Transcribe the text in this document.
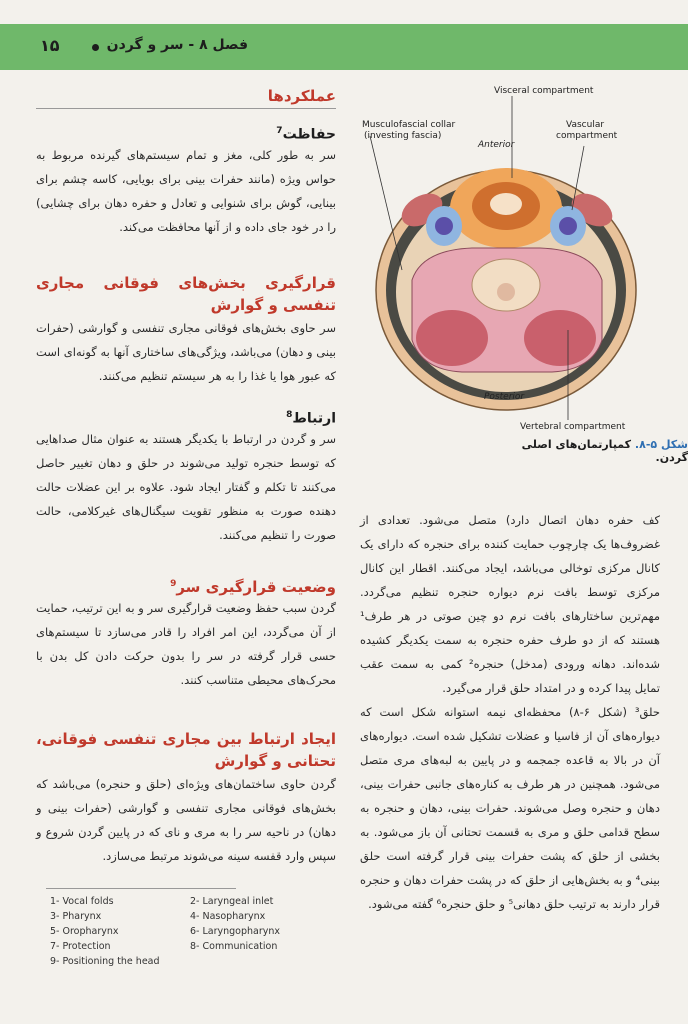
فصل ۸ - سر و گردن
۱۵
عملکردها
حفاظت$^7$
سر به طور کلی، مغز و تمام سیستم‌های گیرنده مربوط به حواس ویژه (مانند حفرات بینی برای بویایی، کاسه چشم برای بینایی، گوش برای شنوایی و تعادل و حفره دهان برای چشایی) را در خود جای داده و از آنها محافظت می‌کند.
قرارگیری بخش‌های فوقانی مجاری تنفسی و گوارش
سر حاوی بخش‌های فوقانی مجاری تنفسی و گوارشی (حفرات بینی و دهان) می‌باشد، ویژگی‌های ساختاری آنها به گونه‌ای است که عبور هوا یا غذا را به هر سیستم تنظیم می‌کنند.
ارتباط$^8$
سر و گردن در ارتباط با یکدیگر هستند به عنوان مثال صداهایی که توسط حنجره تولید می‌شوند در حلق و دهان تغییر حاصل می‌کنند تا تکلم و گفتار ایجاد شود. علاوه بر این عضلات حالت دهنده صورت به منظور تقویت سیگنال‌های غیرکلامی، حالت صورت را تنظیم می‌کنند.
وضعیت قرارگیری سر$^9$
گردن سبب حفظ وضعیت قرارگیری سر و به این ترتیب، حمایت از آن می‌گردد، این امر افراد را قادر می‌سازد تا سیستم‌های حسی قرار گرفته در سر را بدون حرکت دادن کل بدن با محرک‌های محیطی متناسب کنند.
ایجاد ارتباط بین مجاری تنفسی فوقانی، تحتانی و گوارش
گردن حاوی ساختمان‌های ویژه‌ای (حلق و حنجره) می‌باشد که بخش‌های فوقانی مجاری تنفسی و گوارشی (حفرات بینی و دهان) در ناحیه سر را به مری و نای که در پایین گردن شروع و سپس وارد قفسه سینه می‌شوند مرتبط می‌سازد.
1- Vocal folds
3- Pharynx
5- Oropharynx
7- Protection
9- Positioning the head
2- Laryngeal inlet
4- Nasopharynx
6- Laryngopharynx
8- Communication
Visceral compartment
Musculofascial collar
(investing fascia)
Anterior
Vascular
compartment
Posterior
Vertebral compartment
شکل ۵-۸. کمپارتمان‌های اصلی گردن.
کف حفره دهان اتصال دارد) متصل می‌شود. تعدادی از غضروف‌ها یک چارچوب حمایت کننده برای حنجره که دارای یک کانال مرکزی توخالی می‌باشد، ایجاد می‌کنند. اقطار این کانال مرکزی توسط بافت نرم دیواره حنجره تنظیم می‌گردد. مهم‌ترین ساختارهای بافت نرم دو چین صوتی در هر طرف¹ هستند که از دو طرف حفره حنجره به سمت یکدیگر کشیده شده‌اند. دهانه ورودی (مدخل) حنجره² کمی به سمت عقب تمایل پیدا کرده و در امتداد حلق قرار می‌گیرد.
حلق³ (شکل ۶-۸) محفظه‌ای نیمه استوانه شکل است که دیواره‌های آن از فاسیا و عضلات تشکیل شده است. دیواره‌های آن در بالا به قاعده جمجمه و در پایین به لبه‌های مری متصل می‌شود. همچنین در هر طرف به کناره‌های جانبی حفرات بینی، دهان و حنجره وصل می‌شوند. حفرات بینی، دهان و حنجره به سطح قدامی حلق و مری به قسمت تحتانی آن باز می‌شود. به بخشی از حلق که پشت حفرات بینی قرار گرفته است حلق بینی⁴ و به بخش‌هایی از حلق که در پشت حفرات دهان و حنجره قرار دارند به ترتیب حلق دهانی⁵ و حلق حنجره⁶ گفته می‌شود.
